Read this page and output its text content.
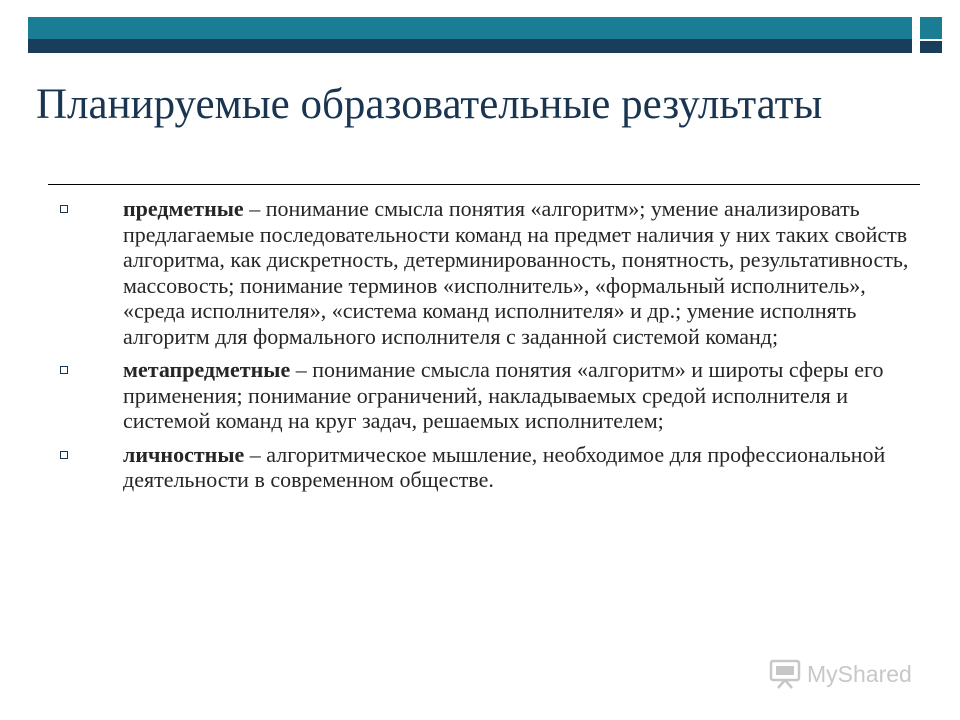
Планируемые образовательные результаты
предметные – понимание смысла понятия «алгоритм»; умение анализировать предлагаемые последовательности команд на предмет наличия у них таких свойств алгоритма, как дискретность, детерминированность, понятность, результативность, массовость; понимание терминов «исполнитель», «формальный исполнитель», «среда исполнителя», «система команд исполнителя» и др.; умение исполнять алгоритм для формального исполнителя с заданной системой команд;
метапредметные – понимание смысла понятия «алгоритм» и широты сферы его применения; понимание ограничений, накладываемых средой исполнителя и системой команд на круг задач, решаемых исполнителем;
личностные – алгоритмическое мышление, необходимое для профессиональной деятельности в современном обществе.
MyShared
